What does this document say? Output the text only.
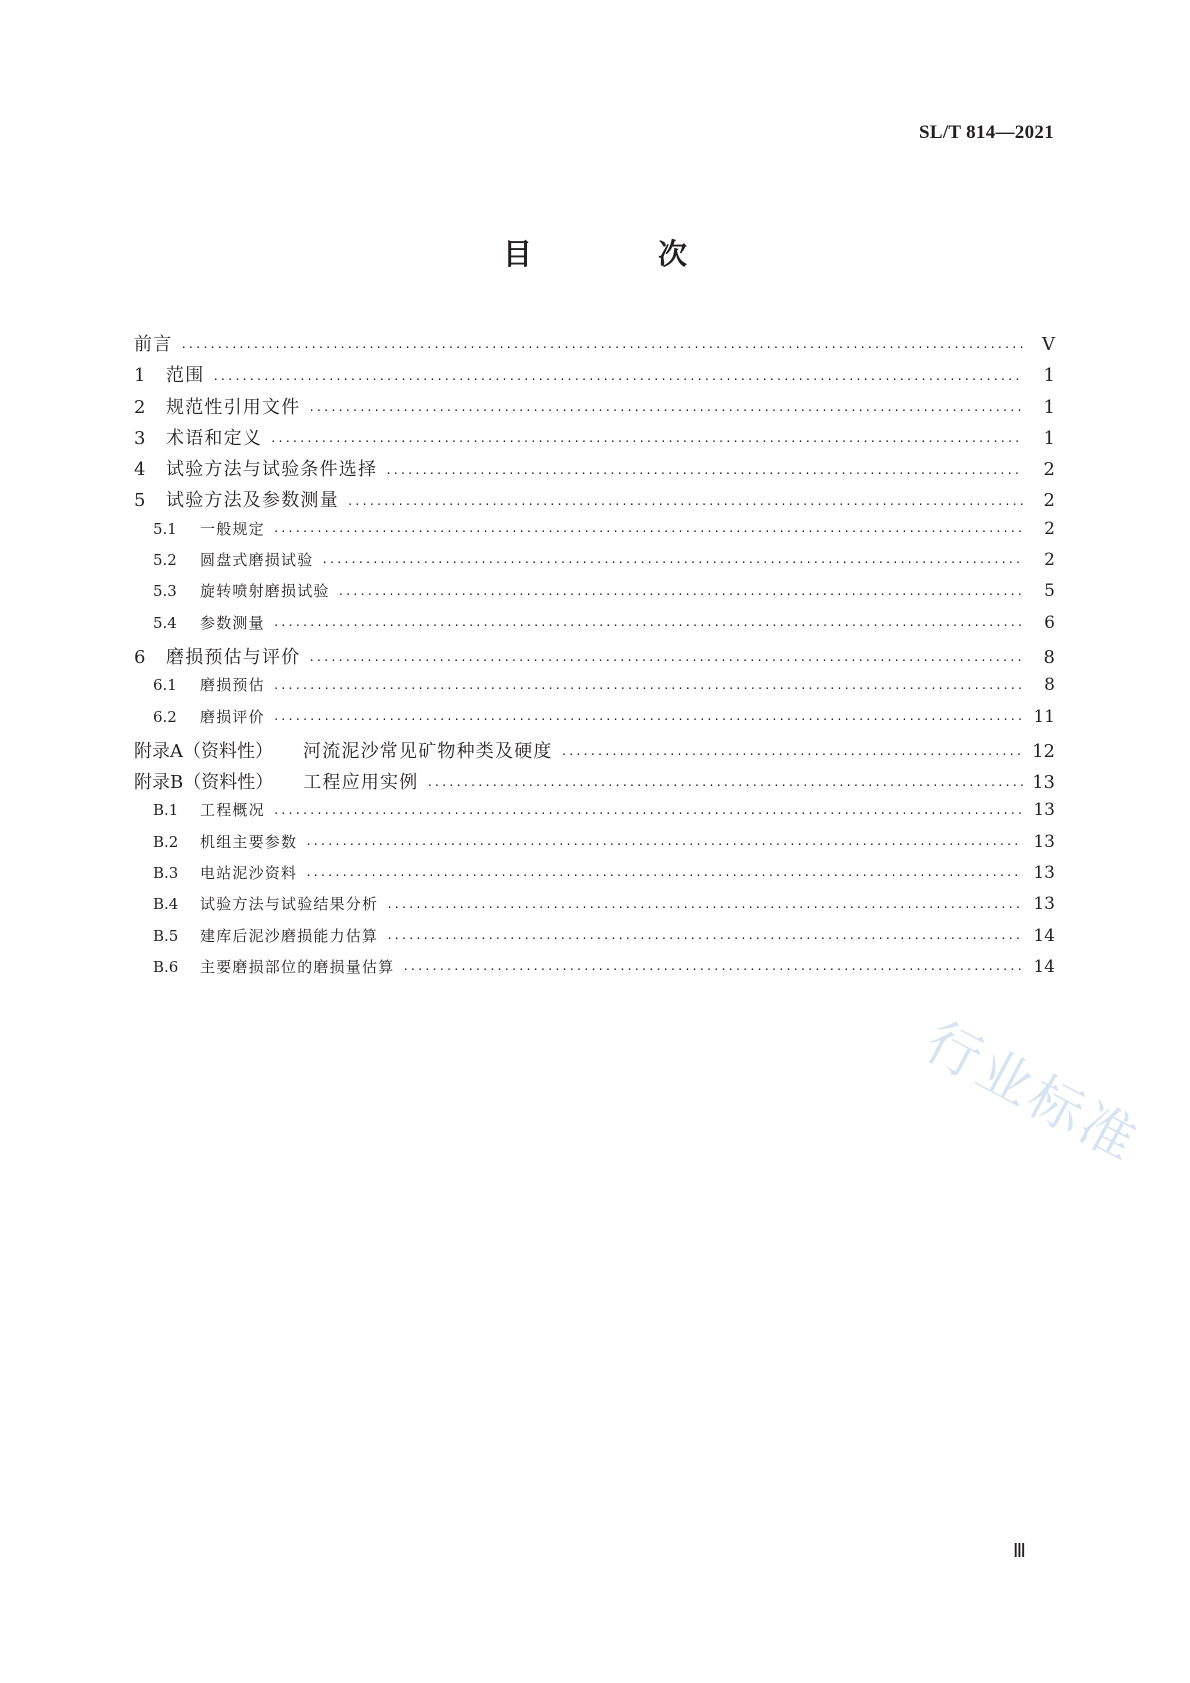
SL/T 814—2021
目 次
前言 ·····	Ⅴ
1	范围 ·····	1
2	规范性引用文件 ·····	1
3	术语和定义 ·····	1
4	试验方法与试验条件选择 ·····	2
5	试验方法及参数测量 ·····	2
5.1	一般规定 ·····	2
5.2	圆盘式磨损试验 ·····	2
5.3	旋转喷射磨损试验 ·····	5
5.4	参数测量 ·····	6
6	磨损预估与评价 ·····	8
6.1	磨损预估 ·····	8
6.2	磨损评价 ·····	11
附录A（资料性）	河流泥沙常见矿物种类及硬度 ·····	12
附录B（资料性）	工程应用实例 ·····	13
B.1	工程概况 ·····	13
B.2	机组主要参数 ·····	13
B.3	电站泥沙资料 ·····	13
B.4	试验方法与试验结果分析 ·····	13
B.5	建库后泥沙磨损能力估算 ·····	14
B.6	主要磨损部位的磨损量估算 ·····	14
行业标准
Ⅲ
